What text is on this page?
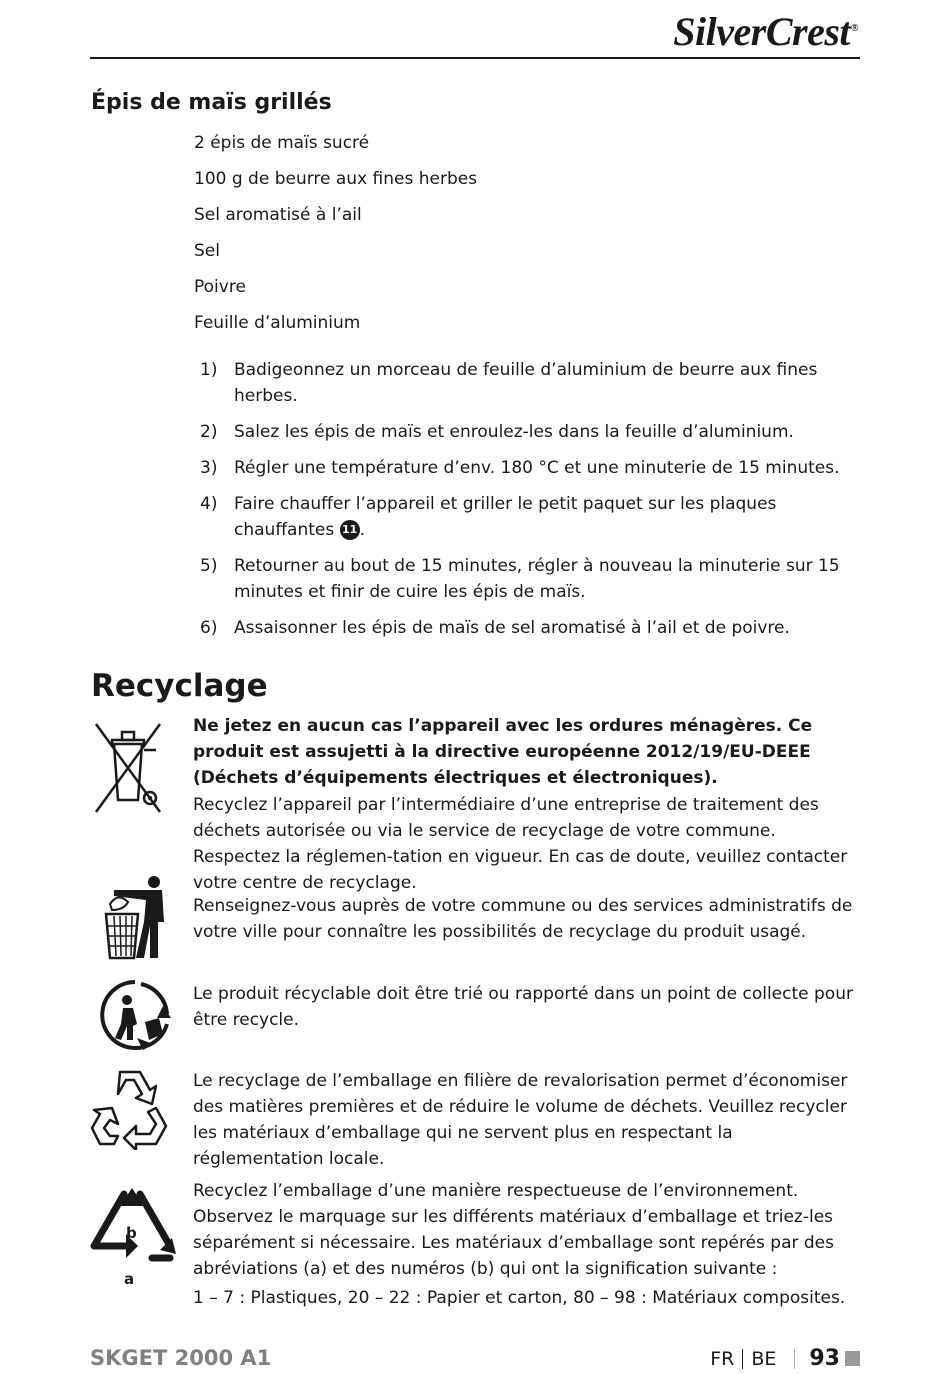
SilverCrest®
Épis de maïs grillés
2 épis de maïs sucré
100 g de beurre aux fines herbes
Sel aromatisé à l’ail
Sel
Poivre
Feuille d’aluminium
1) Badigeonnez un morceau de feuille d’aluminium de beurre aux fines herbes.
2) Salez les épis de maïs et enroulez-les dans la feuille d’aluminium.
3) Régler une température d’env. 180 °C et une minuterie de 15 minutes.
4) Faire chauffer l’appareil et griller le petit paquet sur les plaques chauffantes 11 .
5) Retourner au bout de 15 minutes, régler à nouveau la minuterie sur 15 minutes et finir de cuire les épis de maïs.
6) Assaisonner les épis de maïs de sel aromatisé à l’ail et de poivre.
Recyclage

Ne jetez en aucun cas l’appareil avec les ordures ménagères. Ce produit est assujetti à la directive européenne 2012/19/EU-DEEE (Déchets d’équipements électriques et électroniques).

Recyclez l’appareil par l’intermédiaire d’une entreprise de traitement des déchets autorisée ou via le service de recyclage de votre commune. Respectez la réglemen-tation en vigueur. En cas de doute, veuillez contacter votre centre de recyclage.

Renseignez-vous auprès de votre commune ou des services administratifs de votre ville pour connaître les possibilités de recyclage du produit usagé.

Le produit récyclable doit être trié ou rapporté dans un point de collecte pour être recycle.

Le recyclage de l’emballage en filière de revalorisation permet d’économiser des matières premières et de réduire le volume de déchets. Veuillez recycler les matériaux d’emballage qui ne servent plus en respectant la réglementation locale.

b
a

Recyclez l’emballage d’une manière respectueuse de l’environnement. Observez le marquage sur les différents matériaux d’emballage et triez-les séparément si nécessaire. Les matériaux d’emballage sont repérés par des abréviations (a) et des numéros (b) qui ont la signification suivante :

1 – 7 : Plastiques, 20 – 22 : Papier et carton, 80 – 98 : Matériaux composites.

SKGET 2000 A1	FR BE 93
